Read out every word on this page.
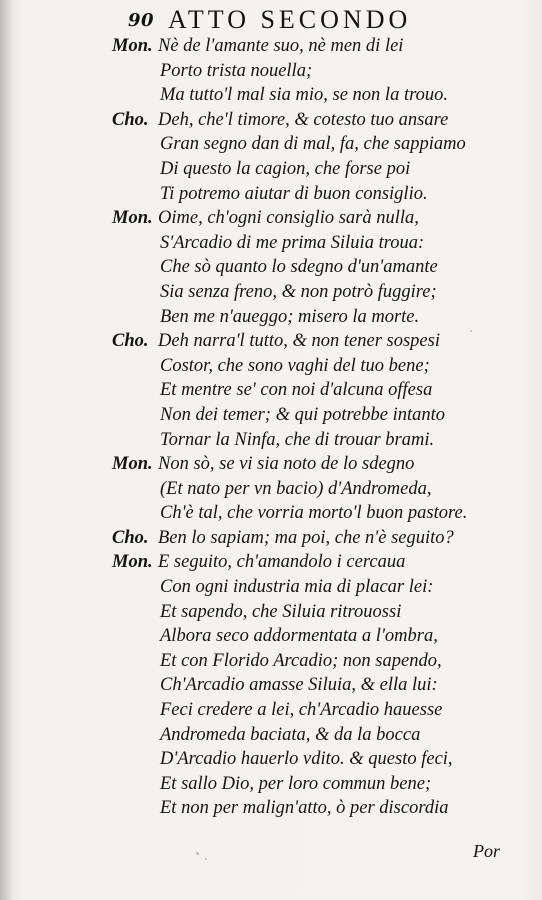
90 ATTO SECONDO
Mon. Nè de l'amante suo, nè men di lei
Porto trista nouella;
Ma tutto'l mal sia mio, se non la trouo.
Cho. Deh, che'l timore, & cotesto tuo ansare
Gran segno dan di mal, fa, che sappiamo
Di questo la cagion, che forse poi
Ti potremo aiutar di buon consiglio.
Mon. Oime, ch'ogni consiglio sarà nulla,
S'Arcadio di me prima Siluia troua:
Che sò quanto lo sdegno d'un'amante
Sia senza freno, & non potrò fuggire;
Ben me n'aueggo; misero la morte.
Cho. Deh narra'l tutto, & non tener sospesi
Costor, che sono vaghi del tuo bene;
Et mentre se' con noi d'alcuna offesa
Non dei temer; & qui potrebbe intanto
Tornar la Ninfa, che di trouar brami.
Mon. Non sò, se vi sia noto de lo sdegno
(Et nato per vn bacio) d'Andromeda,
Ch'è tal, che vorria morto'l buon pastore.
Cho. Ben lo sapiam; ma poi, che n'è seguito?
Mon. E seguito, ch'amandolo i cercaua
Con ogni industria mia di placar lei:
Et sapendo, che Siluia ritrouossi
Albora seco addormentata a l'ombra,
Et con Florido Arcadio; non sapendo,
Ch'Arcadio amasse Siluia, & ella lui:
Feci credere a lei, ch'Arcadio hauesse
Andromeda baciata, & da la bocca
D'Arcadio hauerlo vdito. & questo feci,
Et sallo Dio, per loro commun bene;
Et non per malign'atto, ò per discordia
Por
